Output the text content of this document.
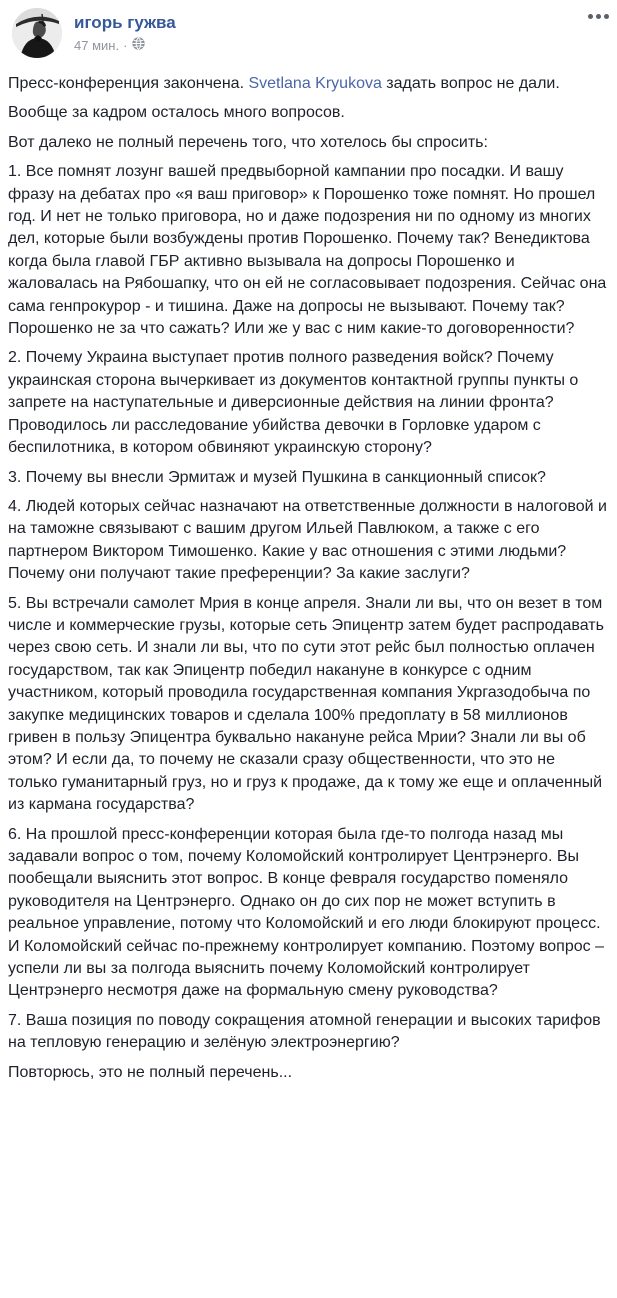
игорь гужва
47 мин. ·

Пресс-конференция закончена. Svetlana Kryukova задать вопрос не дали.

Вообще за кадром осталось много вопросов.

Вот далеко не полный перечень того, что хотелось бы спросить:

1. Все помнят лозунг вашей предвыборной кампании про посадки. И вашу фразу на дебатах про «я ваш приговор» к Порошенко тоже помнят. Но прошел год. И нет не только приговора, но и даже подозрения ни по одному из многих дел, которые были возбуждены против Порошенко. Почему так? Венедиктова когда была главой ГБР активно вызывала на допросы Порошенко и жаловалась на Рябошапку, что он ей не согласовывает подозрения. Сейчас она сама генпрокурор - и тишина. Даже на допросы не вызывают. Почему так? Порошенко не за что сажать? Или же у вас с ним какие-то договоренности?

2. Почему Украина выступает против полного разведения войск? Почему украинская сторона вычеркивает из документов контактной группы пункты о запрете на наступательные и диверсионные действия на линии фронта? Проводилось ли расследование убийства девочки в Горловке ударом с беспилотника, в котором обвиняют украинскую сторону?

3. Почему вы внесли Эрмитаж и музей Пушкина в санкционный список?

4. Людей которых сейчас назначают на ответственные должности в налоговой и на таможне связывают с вашим другом Ильей Павлюком, а также с его партнером Виктором Тимошенко. Какие у вас отношения с этими людьми? Почему они получают такие преференции? За какие заслуги?

5. Вы встречали самолет Мрия в конце апреля. Знали ли вы, что он везет в том числе и коммерческие грузы, которые сеть Эпицентр затем будет распродавать через свою сеть. И знали ли вы, что по сути этот рейс был полностью оплачен государством, так как Эпицентр победил накануне в конкурсе с одним участником, который проводила государственная компания Укргазодобыча по закупке медицинских товаров и сделала 100% предоплату в 58 миллионов гривен в пользу Эпицентра буквально накануне рейса Мрии? Знали ли вы об этом? И если да, то почему не сказали сразу общественности, что это не только гуманитарный груз, но и груз к продаже, да к тому же еще и оплаченный из кармана государства?

6. На прошлой пресс-конференции которая была где-то полгода назад мы задавали вопрос о том, почему Коломойский контролирует Центрэнерго. Вы пообещали выяснить этот вопрос. В конце февраля государство поменяло руководителя на Центрэнерго. Однако он до сих пор не может вступить в реальное управление, потому что Коломойский и его люди блокируют процесс. И Коломойский сейчас по-прежнему контролирует компанию. Поэтому вопрос – успели ли вы за полгода выяснить почему Коломойский контролирует Центрэнерго несмотря даже на формальную смену руководства?

7. Ваша позиция по поводу сокращения атомной генерации и высоких тарифов на тепловую генерацию и зелёную электроэнергию?

Повторюсь, это не полный перечень...
